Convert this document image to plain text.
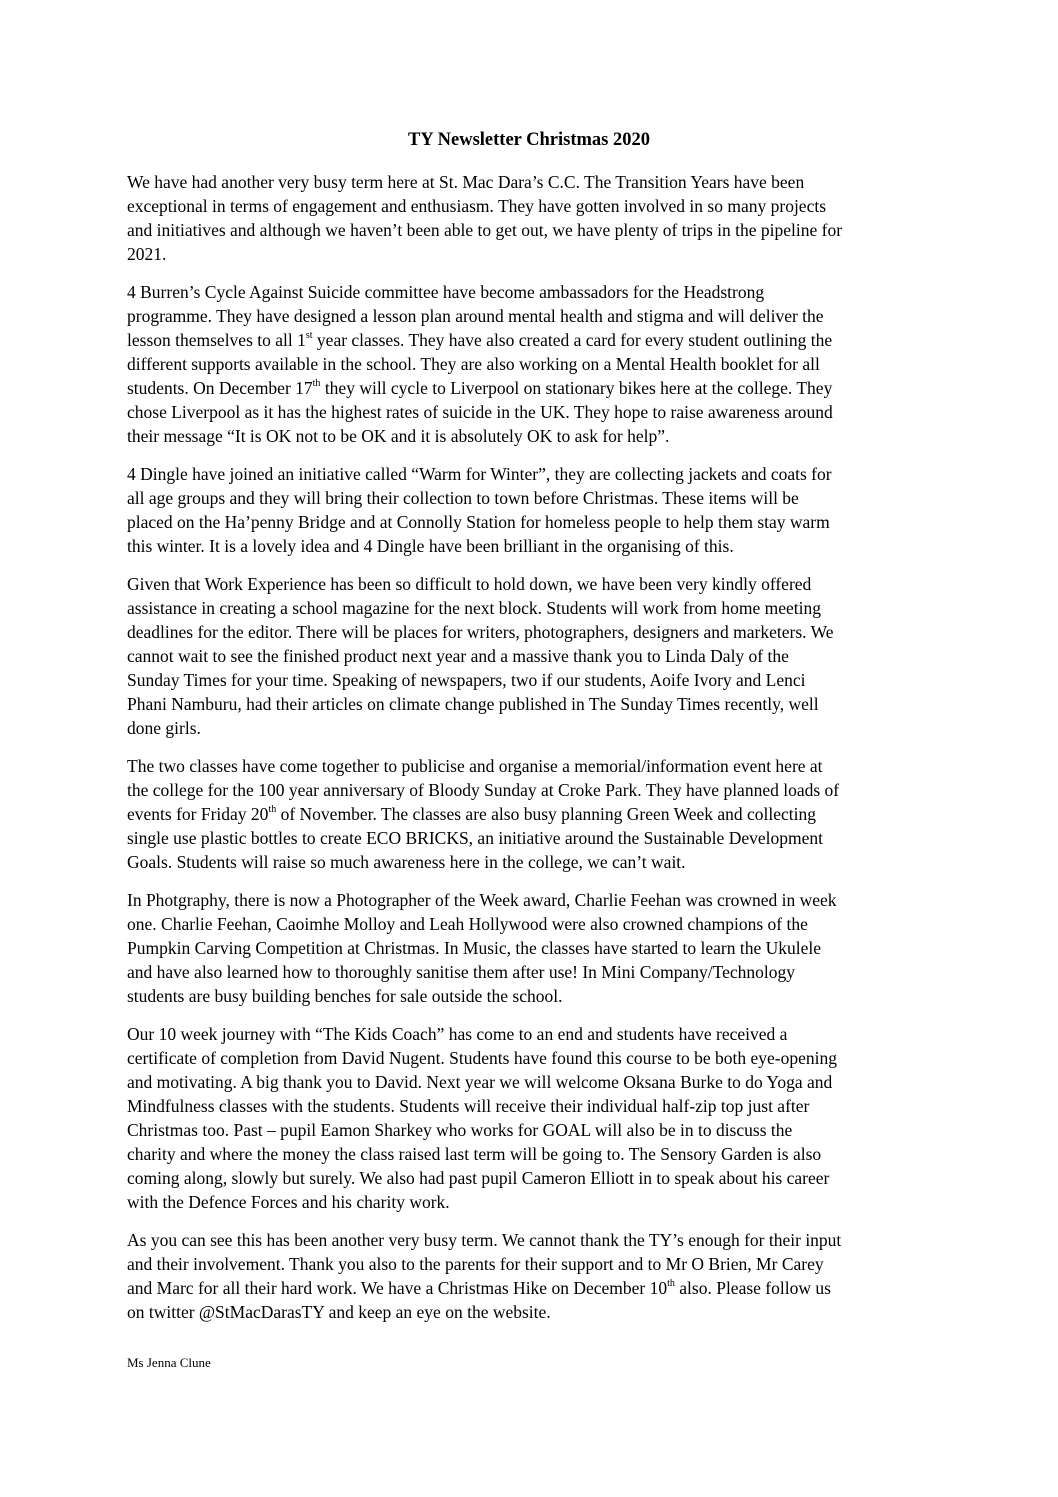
TY Newsletter Christmas 2020

We have had another very busy term here at St. Mac Dara’s C.C. The Transition Years have been
exceptional in terms of engagement and enthusiasm. They have gotten involved in so many projects
and initiatives and although we haven’t been able to get out, we have plenty of trips in the pipeline for
2021.

4 Burren’s Cycle Against Suicide committee have become ambassadors for the Headstrong
programme. They have designed a lesson plan around mental health and stigma and will deliver the
lesson themselves to all 1st year classes. They have also created a card for every student outlining the
different supports available in the school. They are also working on a Mental Health booklet for all
students. On December 17th they will cycle to Liverpool on stationary bikes here at the college. They
chose Liverpool as it has the highest rates of suicide in the UK. They hope to raise awareness around
their message “It is OK not to be OK and it is absolutely OK to ask for help”.

4 Dingle have joined an initiative called “Warm for Winter”, they are collecting jackets and coats for
all age groups and they will bring their collection to town before Christmas. These items will be
placed on the Ha’penny Bridge and at Connolly Station for homeless people to help them stay warm
this winter. It is a lovely idea and 4 Dingle have been brilliant in the organising of this.

Given that Work Experience has been so difficult to hold down, we have been very kindly offered
assistance in creating a school magazine for the next block. Students will work from home meeting
deadlines for the editor. There will be places for writers, photographers, designers and marketers. We
cannot wait to see the finished product next year and a massive thank you to Linda Daly of the
Sunday Times for your time. Speaking of newspapers, two if our students, Aoife Ivory and Lenci
Phani Namburu, had their articles on climate change published in The Sunday Times recently, well
done girls.

The two classes have come together to publicise and organise a memorial/information event here at
the college for the 100 year anniversary of Bloody Sunday at Croke Park. They have planned loads of
events for Friday 20th of November. The classes are also busy planning Green Week and collecting
single use plastic bottles to create ECO BRICKS, an initiative around the Sustainable Development
Goals. Students will raise so much awareness here in the college, we can’t wait.

In Photgraphy, there is now a Photographer of the Week award, Charlie Feehan was crowned in week
one. Charlie Feehan, Caoimhe Molloy and Leah Hollywood were also crowned champions of the
Pumpkin Carving Competition at Christmas. In Music, the classes have started to learn the Ukulele
and have also learned how to thoroughly sanitise them after use! In Mini Company/Technology
students are busy building benches for sale outside the school.

Our 10 week journey with “The Kids Coach” has come to an end and students have received a
certificate of completion from David Nugent. Students have found this course to be both eye-opening
and motivating. A big thank you to David. Next year we will welcome Oksana Burke to do Yoga and
Mindfulness classes with the students. Students will receive their individual half-zip top just after
Christmas too. Past – pupil Eamon Sharkey who works for GOAL will also be in to discuss the
charity and where the money the class raised last term will be going to. The Sensory Garden is also
coming along, slowly but surely. We also had past pupil Cameron Elliott in to speak about his career
with the Defence Forces and his charity work.

As you can see this has been another very busy term. We cannot thank the TY’s enough for their input
and their involvement. Thank you also to the parents for their support and to Mr O Brien, Mr Carey
and Marc for all their hard work. We have a Christmas Hike on December 10th also. Please follow us
on twitter @StMacDarasTY and keep an eye on the website.

Ms Jenna Clune
